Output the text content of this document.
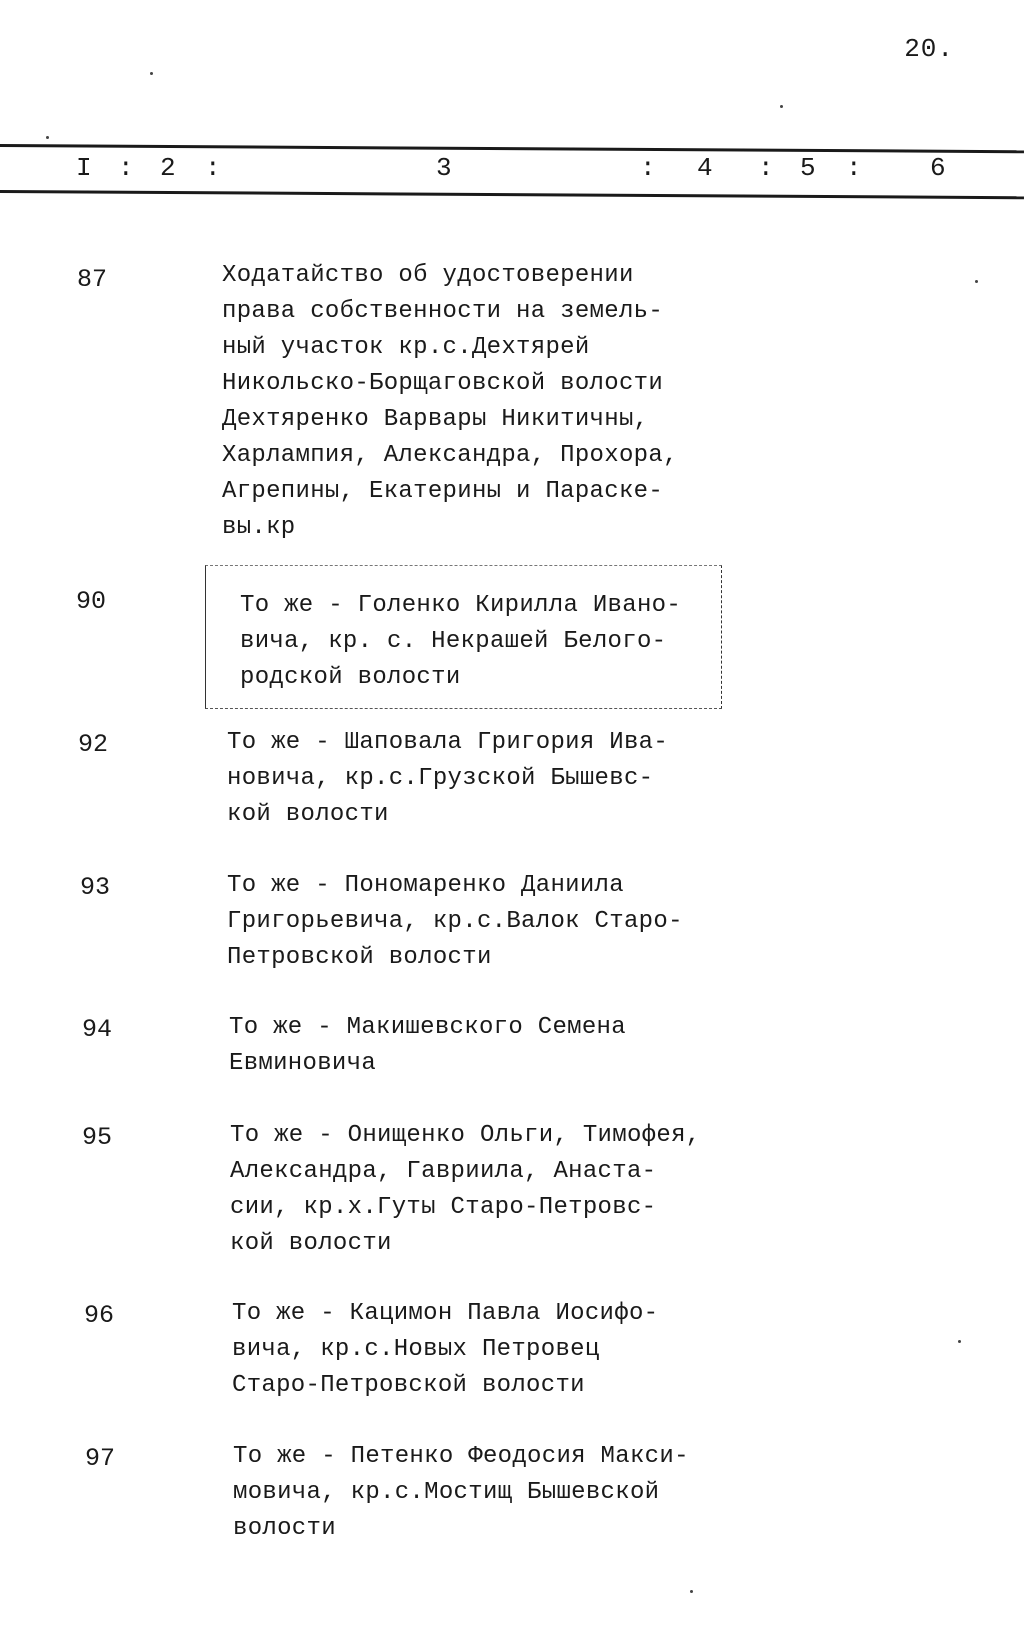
20.
I : 2 :	3	: 4 : 5 :	6
87	Ходатайство об удостоверении
права собственности на земель-
ный участок кр.с.Дехтярей
Никольско-Борщаговской волости
Дехтяренко Варвары Никитичны,
Харлампия, Александра, Прохора,
Агрепины, Екатерины и Параске-
вы.кр
90	То же - Голенко Кирилла Ивано-
вича, кр. с. Некрашей Белого-
родской волости
92	То же - Шаповала Григория Ива-
новича, кр.с.Грузской Бышевс-
кой волости
93	То же - Пономаренко Даниила
Григорьевича, кр.с.Валок Старо-
Петровской волости
94	То же - Макишевского Семена
Евминовича
95	То же - Онищенко Ольги, Тимофея,
Александра, Гавриила, Анаста-
сии, кр.х.Гуты Старо-Петровс-
кой волости
96	То же - Кацимон Павла Иосифо-
вича, кр.с.Новых Петровец
Старо-Петровской волости
97	То же - Петенко Феодосия Макси-
мовича, кр.с.Мостищ Бышевской
волости
